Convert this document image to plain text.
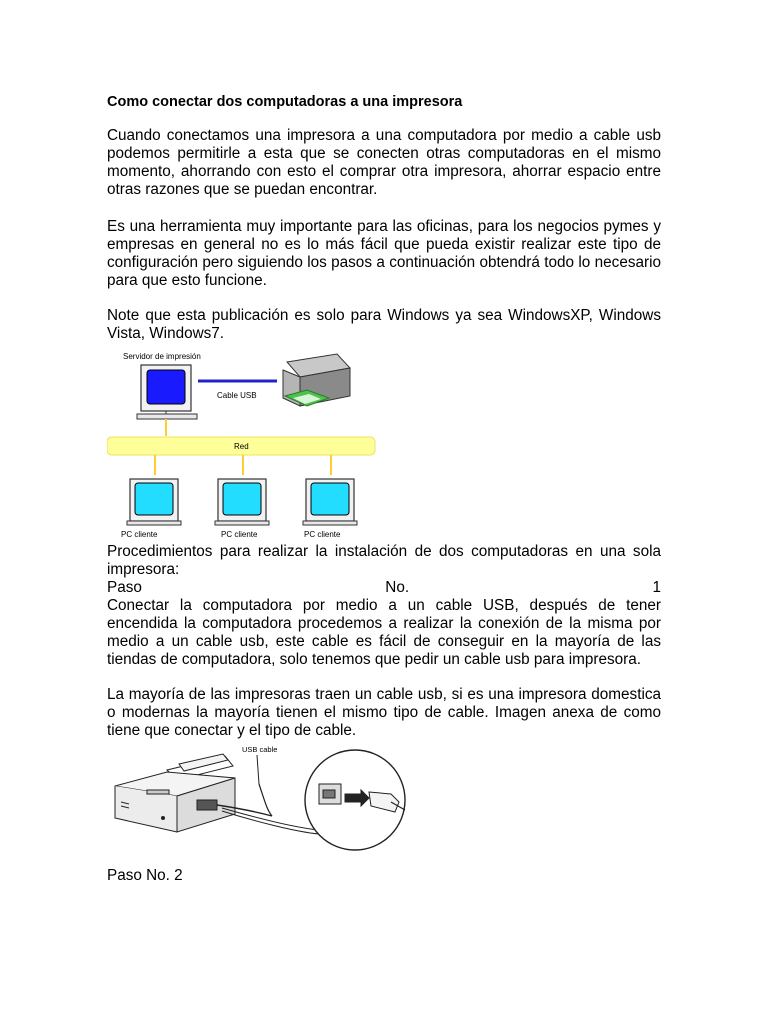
Como conectar dos computadoras a una impresora
Cuando conectamos una impresora a una computadora por medio a cable usb podemos permitirle a esta que se conecten otras computadoras en el mismo momento, ahorrando con esto el comprar otra impresora, ahorrar espacio entre otras razones que se puedan encontrar.
Es una herramienta muy importante para las oficinas, para los negocios pymes y empresas en general no es lo más fácil que pueda existir realizar este tipo de configuración pero siguiendo los pasos a continuación obtendrá todo lo necesario para que esto funcione.
Note que esta publicación es solo para Windows ya sea WindowsXP, Windows Vista, Windows7.
Servidor de impresión
Cable USB
Red
PC cliente	PC cliente	PC cliente
Procedimientos para realizar la instalación de dos computadoras en una sola impresora:
Paso	No.	1
Conectar la computadora por medio a un cable USB, después de tener encendida la computadora procedemos a realizar la conexión de la misma por medio a un cable usb, este cable es fácil de conseguir en la mayoría de las tiendas de computadora, solo tenemos que pedir un cable usb para impresora.
La mayoría de las impresoras traen un cable usb, si es una impresora domestica o modernas la mayoría tienen el mismo tipo de cable. Imagen anexa de como tiene que conectar y el tipo de cable.
USB cable
Paso No. 2
